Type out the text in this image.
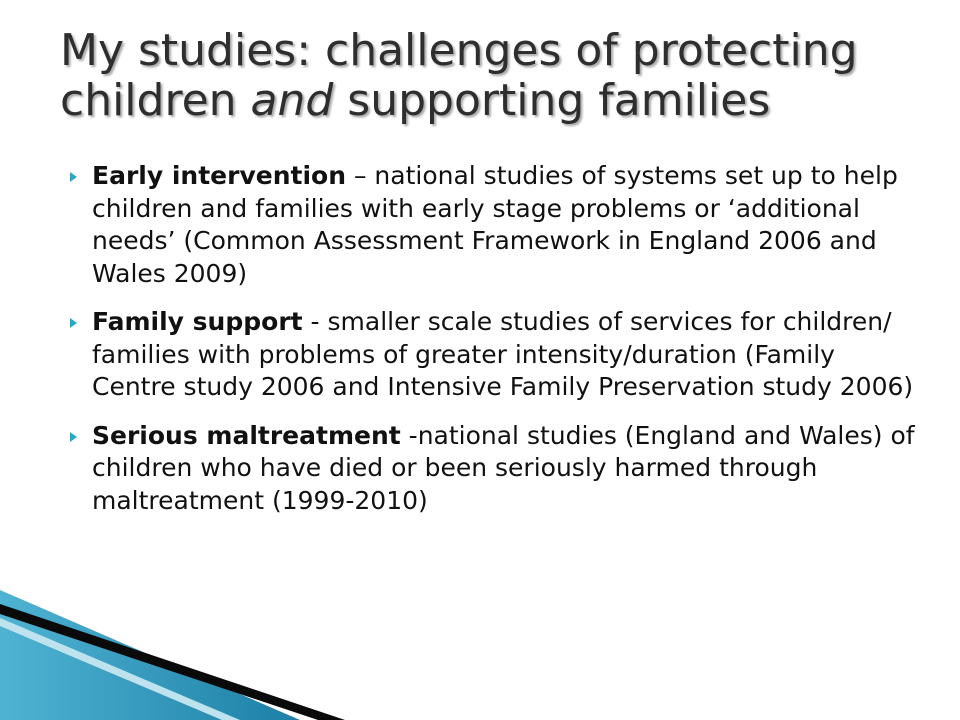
My studies: challenges of protecting children and supporting families
Early intervention – national studies of systems set up to help children and families with early stage problems or ‘additional needs’ (Common Assessment Framework in England 2006 and Wales 2009)
Family support - smaller scale studies of services for children/ families with problems of greater intensity/duration (Family Centre study 2006 and Intensive Family Preservation study 2006)
Serious maltreatment -national studies (England and Wales) of children who have died or been seriously harmed through maltreatment (1999-2010)
